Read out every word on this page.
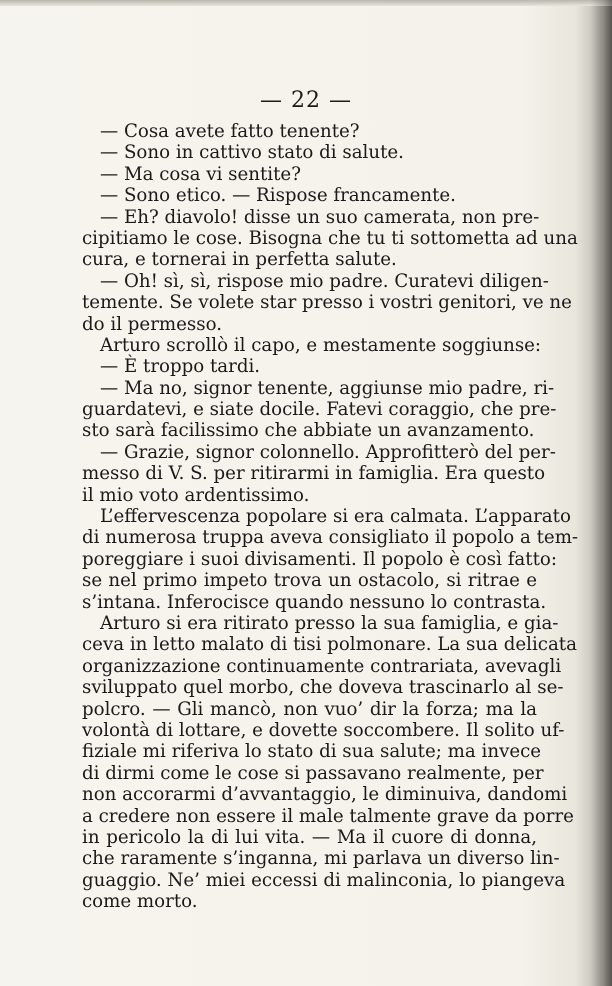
— 22 —
— Cosa avete fatto tenente?
— Sono in cattivo stato di salute.
— Ma cosa vi sentite?
— Sono etico. — Rispose francamente.
— Eh? diavolo! disse un suo camerata, non pre-
cipitiamo le cose. Bisogna che tu ti sottometta ad una
cura, e tornerai in perfetta salute.
— Oh! sì, sì, rispose mio padre. Curatevi diligen-
temente. Se volete star presso i vostri genitori, ve ne
do il permesso.
Arturo scrollò il capo, e mestamente soggiunse:
— È troppo tardi.
— Ma no, signor tenente, aggiunse mio padre, ri-
guardatevi, e siate docile. Fatevi coraggio, che pre-
sto sarà facilissimo che abbiate un avanzamento.
— Grazie, signor colonnello. Approfitterò del per-
messo di V. S. per ritirarmi in famiglia. Era questo
il mio voto ardentissimo.
L’effervescenza popolare si era calmata. L’apparato
di numerosa truppa aveva consigliato il popolo a tem-
poreggiare i suoi divisamenti. Il popolo è così fatto:
se nel primo impeto trova un ostacolo, si ritrae e
s’intana. Inferocisce quando nessuno lo contrasta.
Arturo si era ritirato presso la sua famiglia, e gia-
ceva in letto malato di tisi polmonare. La sua delicata
organizzazione continuamente contrariata, avevagli
sviluppato quel morbo, che doveva trascinarlo al se-
polcro. — Gli mancò, non vuo’ dir la forza; ma la
volontà di lottare, e dovette soccombere. Il solito uf-
fiziale mi riferiva lo stato di sua salute; ma invece
di dirmi come le cose si passavano realmente, per
non accorarmi d’avvantaggio, le diminuiva, dandomi
a credere non essere il male talmente grave da porre
in pericolo la di lui vita. — Ma il cuore di donna,
che raramente s’inganna, mi parlava un diverso lin-
guaggio. Ne’ miei eccessi di malinconia, lo piangeva
come morto.
